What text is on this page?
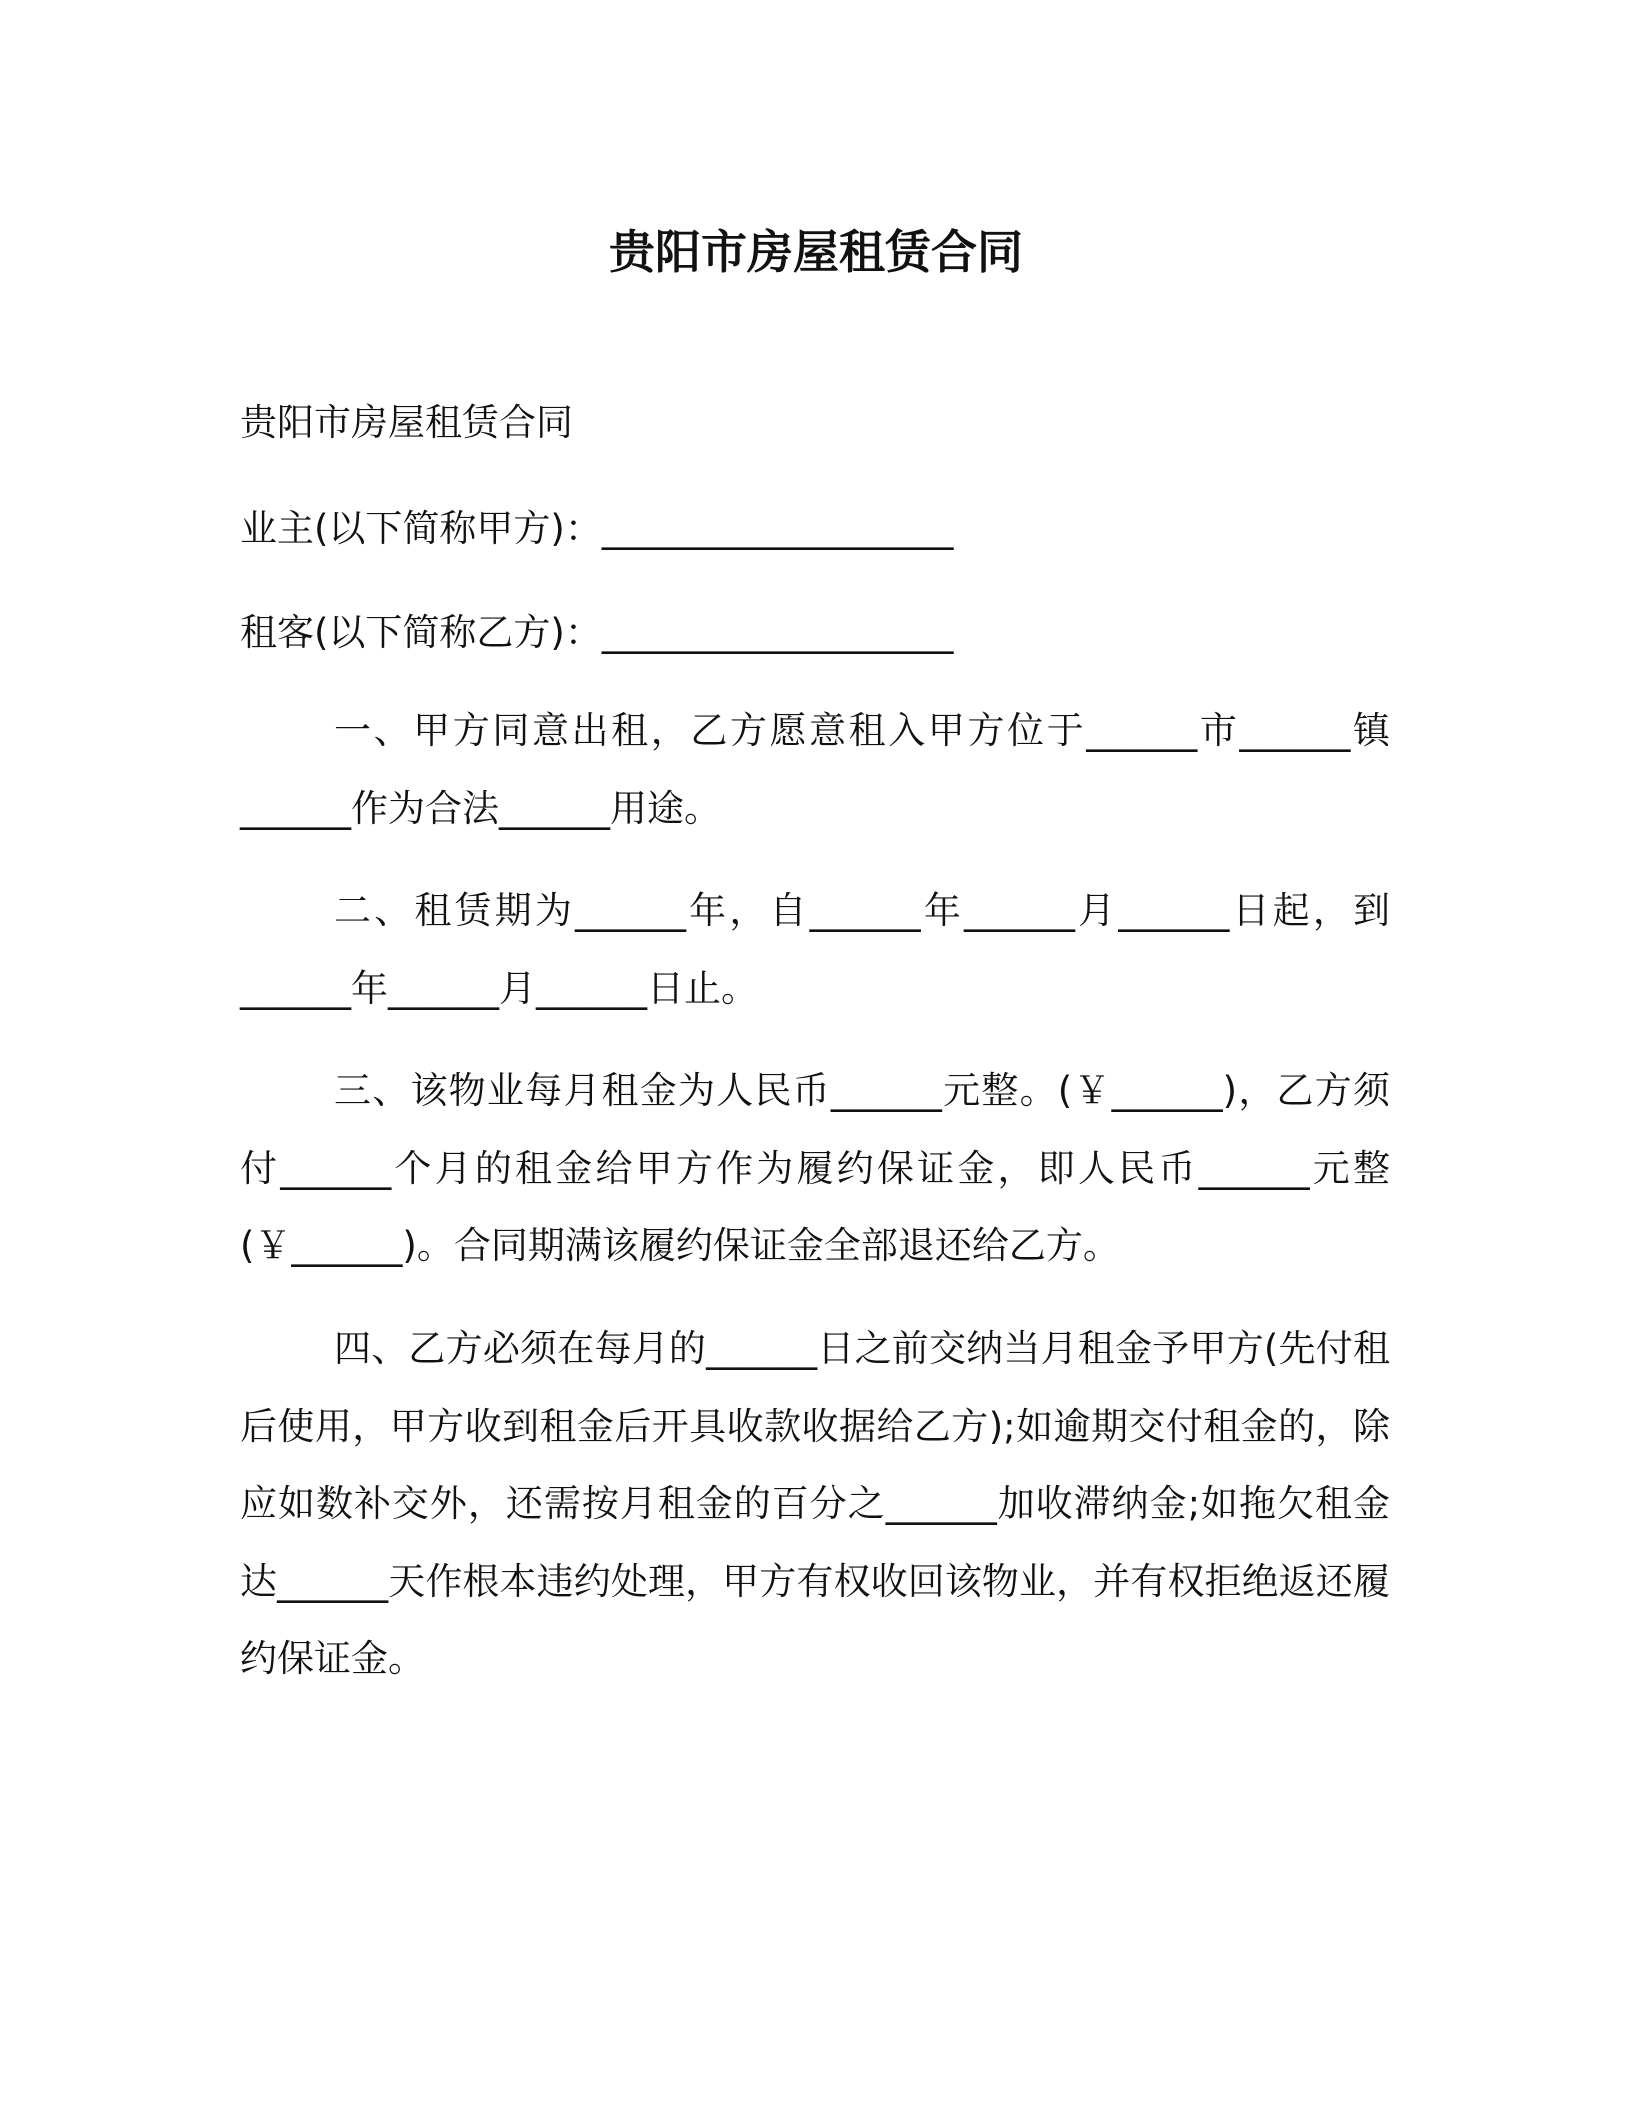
贵阳市房屋租赁合同
贵阳市房屋租赁合同
业主(以下简称甲方)：___________________
租客(以下简称乙方)：___________________
一、甲方同意出租，乙方愿意租入甲方位于______市______镇______作为合法______用途。
二、租赁期为______年，自______年______月______日起，到______年______月______日止。
三、该物业每月租金为人民币______元整。(￥______)，乙方须付______个月的租金给甲方作为履约保证金，即人民币______元整(￥______)。合同期满该履约保证金全部退还给乙方。
四、乙方必须在每月的______日之前交纳当月租金予甲方(先付租后使用，甲方收到租金后开具收款收据给乙方);如逾期交付租金的，除应如数补交外，还需按月租金的百分之______加收滞纳金;如拖欠租金达______天作根本违约处理，甲方有权收回该物业，并有权拒绝返还履约保证金。
